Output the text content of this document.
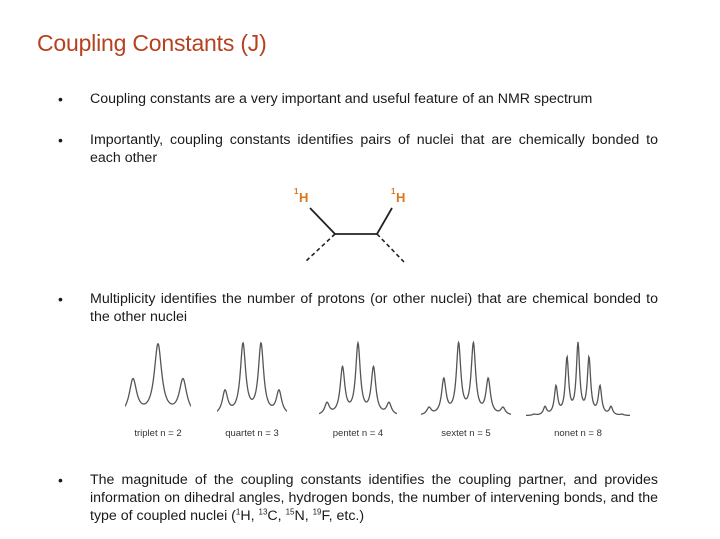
Coupling Constants (J)
•	Coupling constants are a very important and useful feature of an NMR spectrum
•	Importantly, coupling constants identifies pairs of nuclei that are chemically bonded to each other
1 H	1 H
•	Multiplicity identifies the number of protons (or other nuclei) that are chemical bonded to the other nuclei
triplet n = 2	quartet n = 3	pentet n = 4	sextet n = 5	nonet n = 8
•	The magnitude of the coupling constants identifies the coupling partner, and provides information on dihedral angles, hydrogen bonds, the number of intervening bonds, and the type of coupled nuclei ($^1$H, $^{13}$C, $^{15}$N, $^{19}$F, etc.)
